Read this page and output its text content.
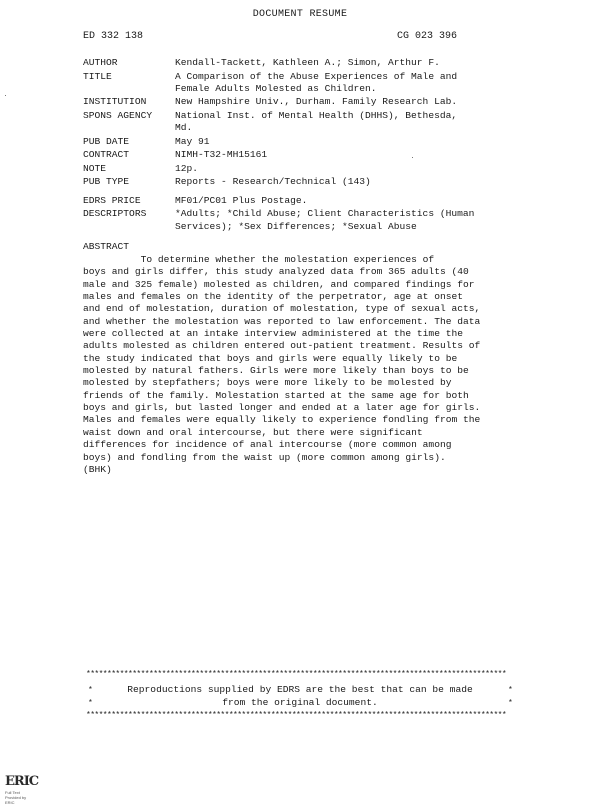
DOCUMENT RESUME
ED 332 138	CG 023 396
AUTHOR	Kendall-Tackett, Kathleen A.; Simon, Arthur F.
TITLE	A Comparison of the Abuse Experiences of Male and
Female Adults Molested as Children.
INSTITUTION	New Hampshire Univ., Durham. Family Research Lab.
SPONS AGENCY	National Inst. of Mental Health (DHHS), Bethesda,
Md.
PUB DATE	May 91
CONTRACT	NIMH-T32-MH15161
NOTE	12p.
PUB TYPE	Reports - Research/Technical (143)
EDRS PRICE	MF01/PC01 Plus Postage.
DESCRIPTORS	*Adults; *Child Abuse; Client Characteristics (Human
Services); *Sex Differences; *Sexual Abuse
ABSTRACT
To determine whether the molestation experiences of
boys and girls differ, this study analyzed data from 365 adults (40
male and 325 female) molested as children, and compared findings for
males and females on the identity of the perpetrator, age at onset
and end of molestation, duration of molestation, type of sexual acts,
and whether the molestation was reported to law enforcement. The data
were collected at an intake interview administered at the time the
adults molested as children entered out-patient treatment. Results of
the study indicated that boys and girls were equally likely to be
molested by natural fathers. Girls were more likely than boys to be
molested by stepfathers; boys were more likely to be molested by
friends of the family. Molestation started at the same age for both
boys and girls, but lasted longer and ended at a later age for girls.
Males and females were equally likely to experience fondling from the
waist down and oral intercourse, but there were significant
differences for incidence of anal intercourse (more common among
boys) and fondling from the waist up (more common among girls).
(BHK)
****************************************************************************************************
*	*
*	*
Reproductions supplied by EDRS are the best that can be made
from the original document.
****************************************************************************************************
ERIC
Full Text Provided by ERIC
